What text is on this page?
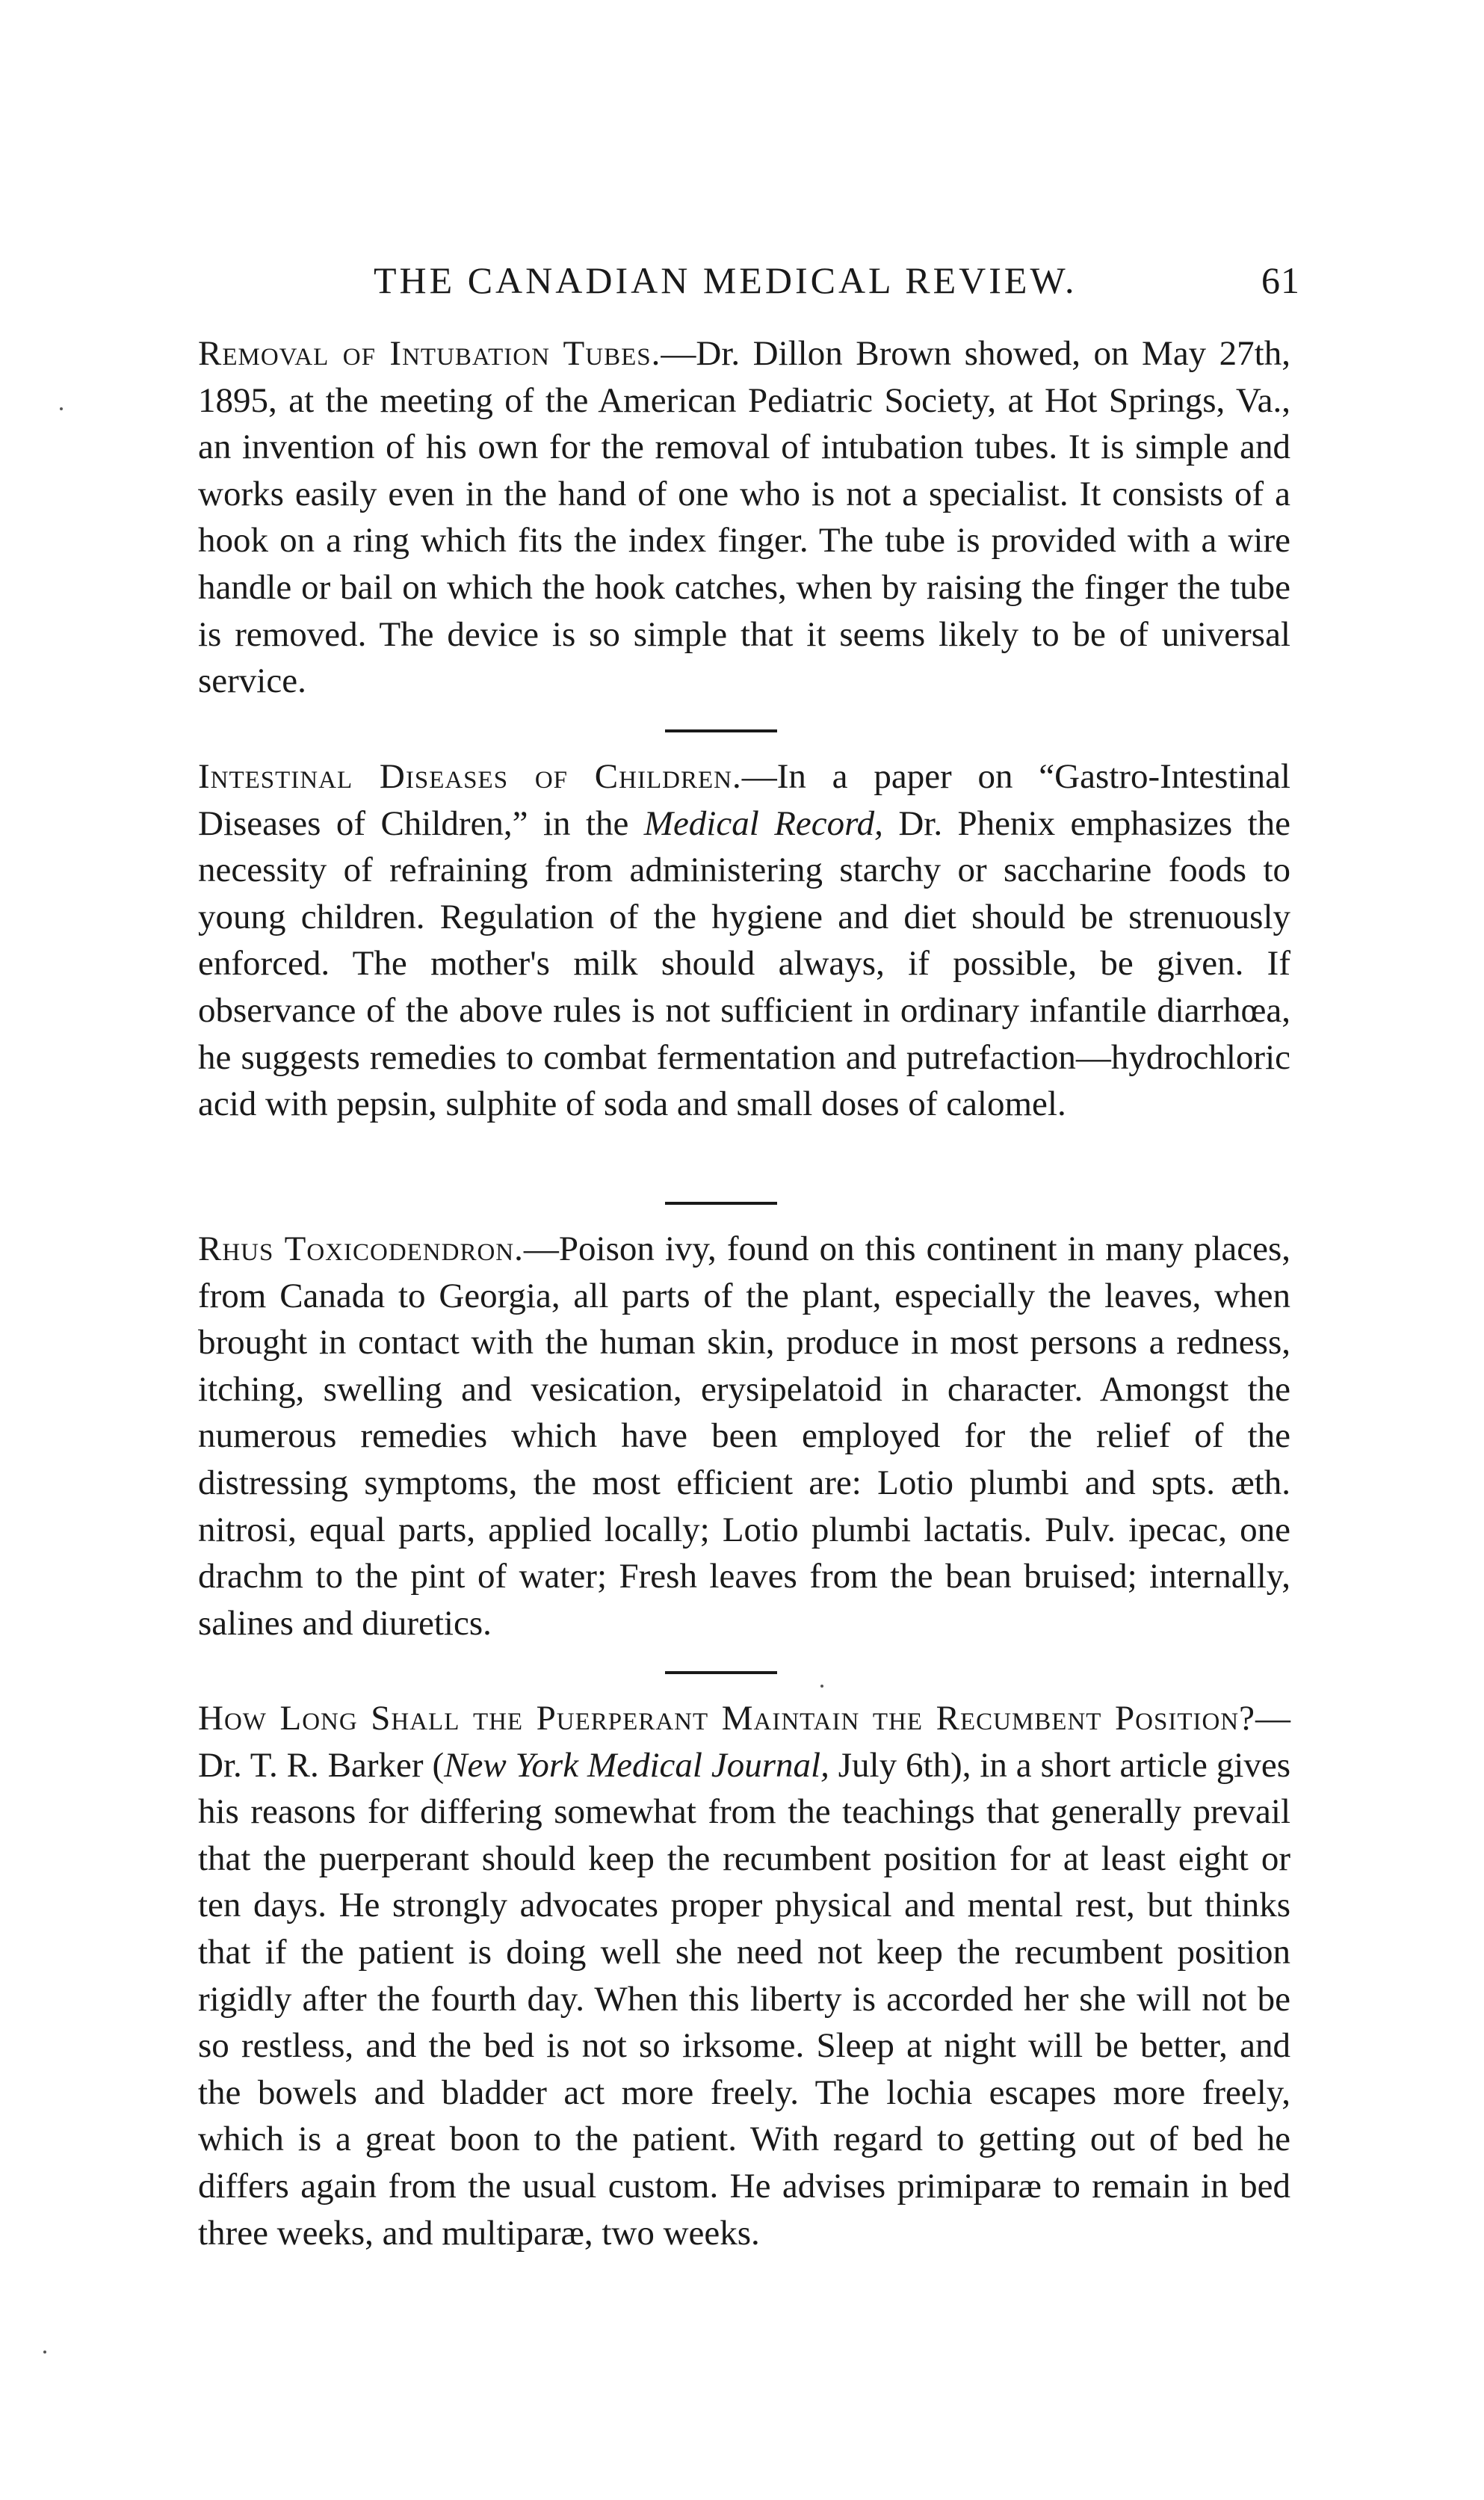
THE CANADIAN MEDICAL REVIEW.	61

Removal of Intubation Tubes.—Dr. Dillon Brown showed, on May 27th, 1895, at the meeting of the American Pediatric Society, at Hot Springs, Va., an invention of his own for the removal of intubation tubes. It is simple and works easily even in the hand of one who is not a specialist. It consists of a hook on a ring which fits the index finger. The tube is provided with a wire handle or bail on which the hook catches, when by raising the finger the tube is removed. The device is so simple that it seems likely to be of universal service.

Intestinal Diseases of Children.—In a paper on “Gastro-Intestinal Diseases of Children,” in the Medical Record, Dr. Phenix emphasizes the necessity of refraining from administering starchy or saccharine foods to young children. Regulation of the hygiene and diet should be strenuously enforced. The mother's milk should always, if possible, be given. If observance of the above rules is not sufficient in ordinary infantile diarrhœa, he suggests remedies to combat fermentation and putrefaction—hydrochloric acid with pepsin, sulphite of soda and small doses of calomel.

Rhus Toxicodendron.—Poison ivy, found on this continent in many places, from Canada to Georgia, all parts of the plant, especially the leaves, when brought in contact with the human skin, produce in most persons a redness, itching, swelling and vesication, erysipelatoid in character. Amongst the numerous remedies which have been employed for the relief of the distressing symptoms, the most efficient are: Lotio plumbi and spts. æth. nitrosi, equal parts, applied locally; Lotio plumbi lactatis. Pulv. ipecac, one drachm to the pint of water; Fresh leaves from the bean bruised; internally, salines and diuretics.

How Long Shall the Puerperant Maintain the Recumbent Position?—Dr. T. R. Barker (New York Medical Journal, July 6th), in a short article gives his reasons for differing somewhat from the teachings that generally prevail that the puerperant should keep the recumbent position for at least eight or ten days. He strongly advocates proper physical and mental rest, but thinks that if the patient is doing well she need not keep the recumbent position rigidly after the fourth day. When this liberty is accorded her she will not be so restless, and the bed is not so irksome. Sleep at night will be better, and the bowels and bladder act more freely. The lochia escapes more freely, which is a great boon to the patient. With regard to getting out of bed he differs again from the usual custom. He advises primiparæ to remain in bed three weeks, and multiparæ, two weeks.
